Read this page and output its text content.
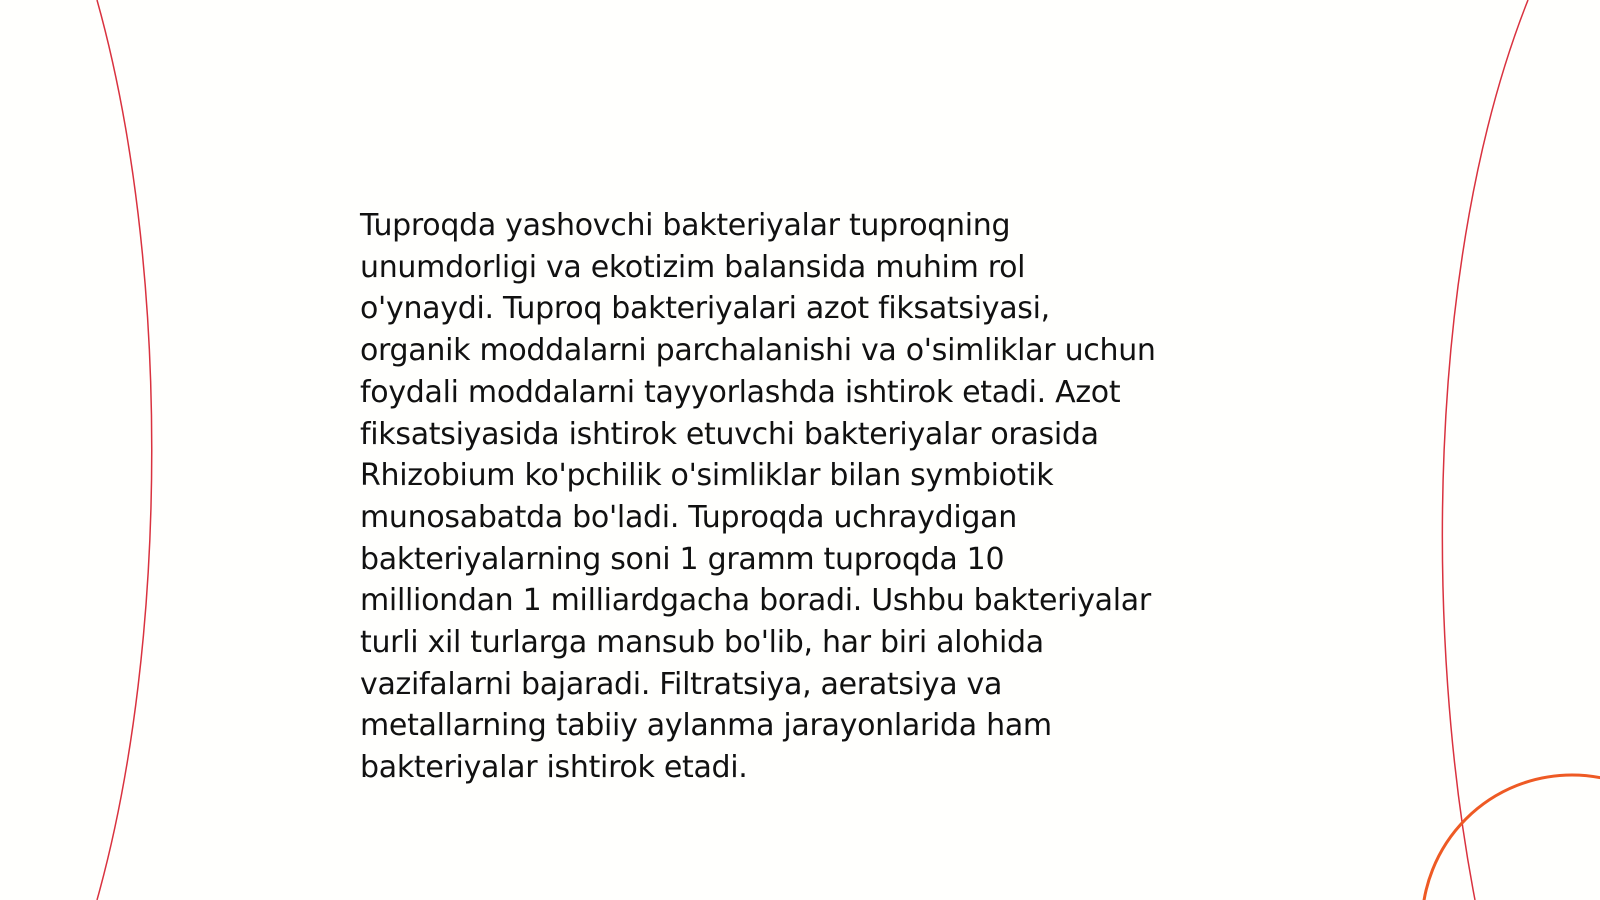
Tuproqda yashovchi bakteriyalar tuproqning
unumdorligi va ekotizim balansida muhim rol
o'ynaydi. Tuproq bakteriyalari azot fiksatsiyasi,
organik moddalarni parchalanishi va o'simliklar uchun
foydali moddalarni tayyorlashda ishtirok etadi. Azot
fiksatsiyasida ishtirok etuvchi bakteriyalar orasida
Rhizobium ko'pchilik o'simliklar bilan symbiotik
munosabatda bo'ladi. Tuproqda uchraydigan
bakteriyalarning soni 1 gramm tuproqda 10
milliondan 1 milliardgacha boradi. Ushbu bakteriyalar
turli xil turlarga mansub bo'lib, har biri alohida
vazifalarni bajaradi. Filtratsiya, aeratsiya va
metallarning tabiiy aylanma jarayonlarida ham
bakteriyalar ishtirok etadi.
